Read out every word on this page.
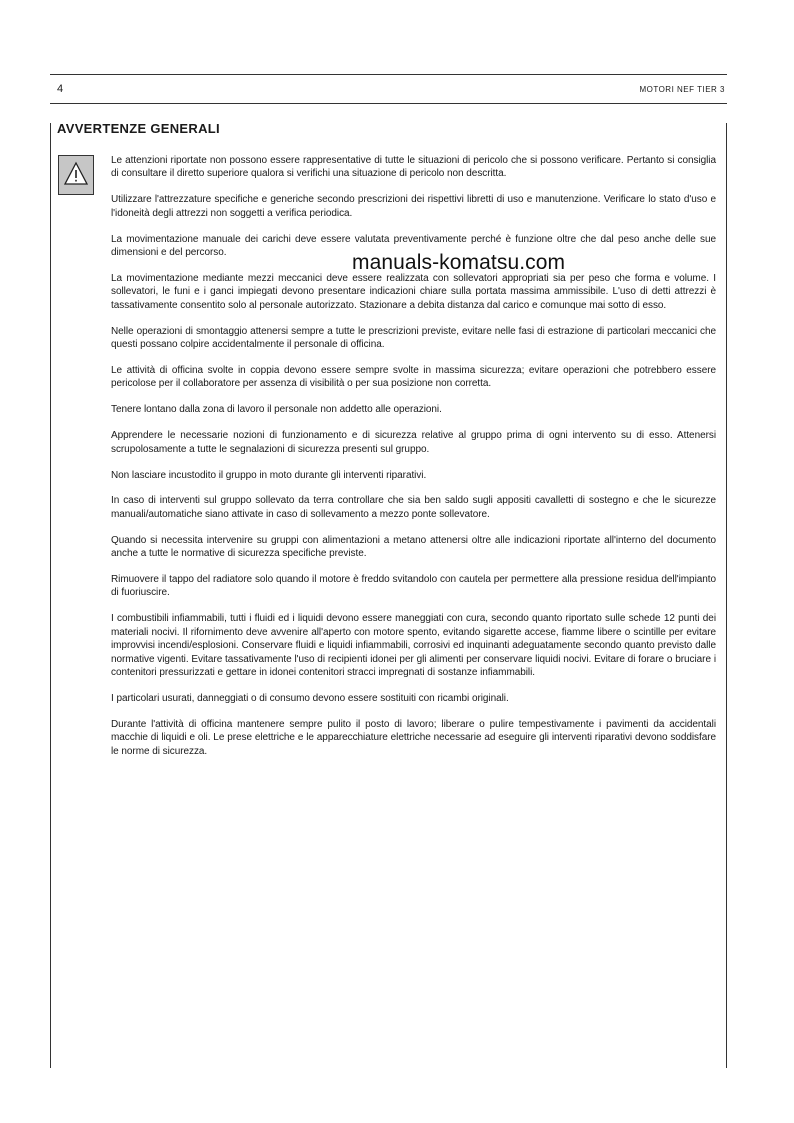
4	MOTORI NEF TIER 3
AVVERTENZE GENERALI

Le attenzioni riportate non possono essere rappresentative di tutte le situazioni di pericolo che si possono verificare. Pertanto si consiglia di consultare il diretto superiore qualora si verifichi una situazione di pericolo non descritta.

Utilizzare l'attrezzature specifiche e generiche secondo prescrizioni dei rispettivi libretti di uso e manutenzione. Verificare lo stato d'uso e l'idoneità degli attrezzi non soggetti a verifica periodica.

La movimentazione manuale dei carichi deve essere valutata preventivamente perché è funzione oltre che dal peso anche delle sue dimensioni e del percorso.

La movimentazione mediante mezzi meccanici deve essere realizzata con sollevatori appropriati sia per peso che forma e volume. I sollevatori, le funi e i ganci impiegati devono presentare indicazioni chiare sulla portata massima ammissibile. L'uso di detti attrezzi è tassativamente consentito solo al personale autorizzato. Stazionare a debita distanza dal carico e comunque mai sotto di esso.

Nelle operazioni di smontaggio attenersi sempre a tutte le prescrizioni previste, evitare nelle fasi di estrazione di particolari meccanici che questi possano colpire accidentalmente il personale di officina.

Le attività di officina svolte in coppia devono essere sempre svolte in massima sicurezza; evitare operazioni che potrebbero essere pericolose per il collaboratore per assenza di visibilità o per sua posizione non corretta.

Tenere lontano dalla zona di lavoro il personale non addetto alle operazioni.

Apprendere le necessarie nozioni di funzionamento e di sicurezza relative al gruppo prima di ogni intervento su di esso. Attenersi scrupolosamente a tutte le segnalazioni di sicurezza presenti sul gruppo.

Non lasciare incustodito il gruppo in moto durante gli interventi riparativi.

In caso di interventi sul gruppo sollevato da terra controllare che sia ben saldo sugli appositi cavalletti di sostegno e che le sicurezze manuali/automatiche siano attivate in caso di sollevamento a mezzo ponte sollevatore.

Quando si necessita intervenire su gruppi con alimentazioni a metano attenersi oltre alle indicazioni riportate all'interno del documento anche a tutte le normative di sicurezza specifiche previste.

Rimuovere il tappo del radiatore solo quando il motore è freddo svitandolo con cautela per permettere alla pressione residua dell'impianto di fuoriuscire.

I combustibili infiammabili, tutti i fluidi ed i liquidi devono essere maneggiati con cura, secondo quanto riportato sulle schede 12 punti dei materiali nocivi. Il rifornimento deve avvenire all'aperto con motore spento, evitando sigarette accese, fiamme libere o scintille per evitare improvvisi incendi/esplosioni. Conservare fluidi e liquidi infiammabili, corrosivi ed inquinanti adeguatamente secondo quanto previsto dalle normative vigenti. Evitare tassativamente l'uso di recipienti idonei per gli alimenti per conservare liquidi nocivi. Evitare di forare o bruciare i contenitori pressurizzati e gettare in idonei contenitori stracci impregnati di sostanze infiammabili.

I particolari usurati, danneggiati o di consumo devono essere sostituiti con ricambi originali.

Durante l'attività di officina mantenere sempre pulito il posto di lavoro; liberare o pulire tempestivamente i pavimenti da accidentali macchie di liquidi e oli. Le prese elettriche e le apparecchiature elettriche necessarie ad eseguire gli interventi riparativi devono soddisfare le norme di sicurezza.

manuals-komatsu.com
